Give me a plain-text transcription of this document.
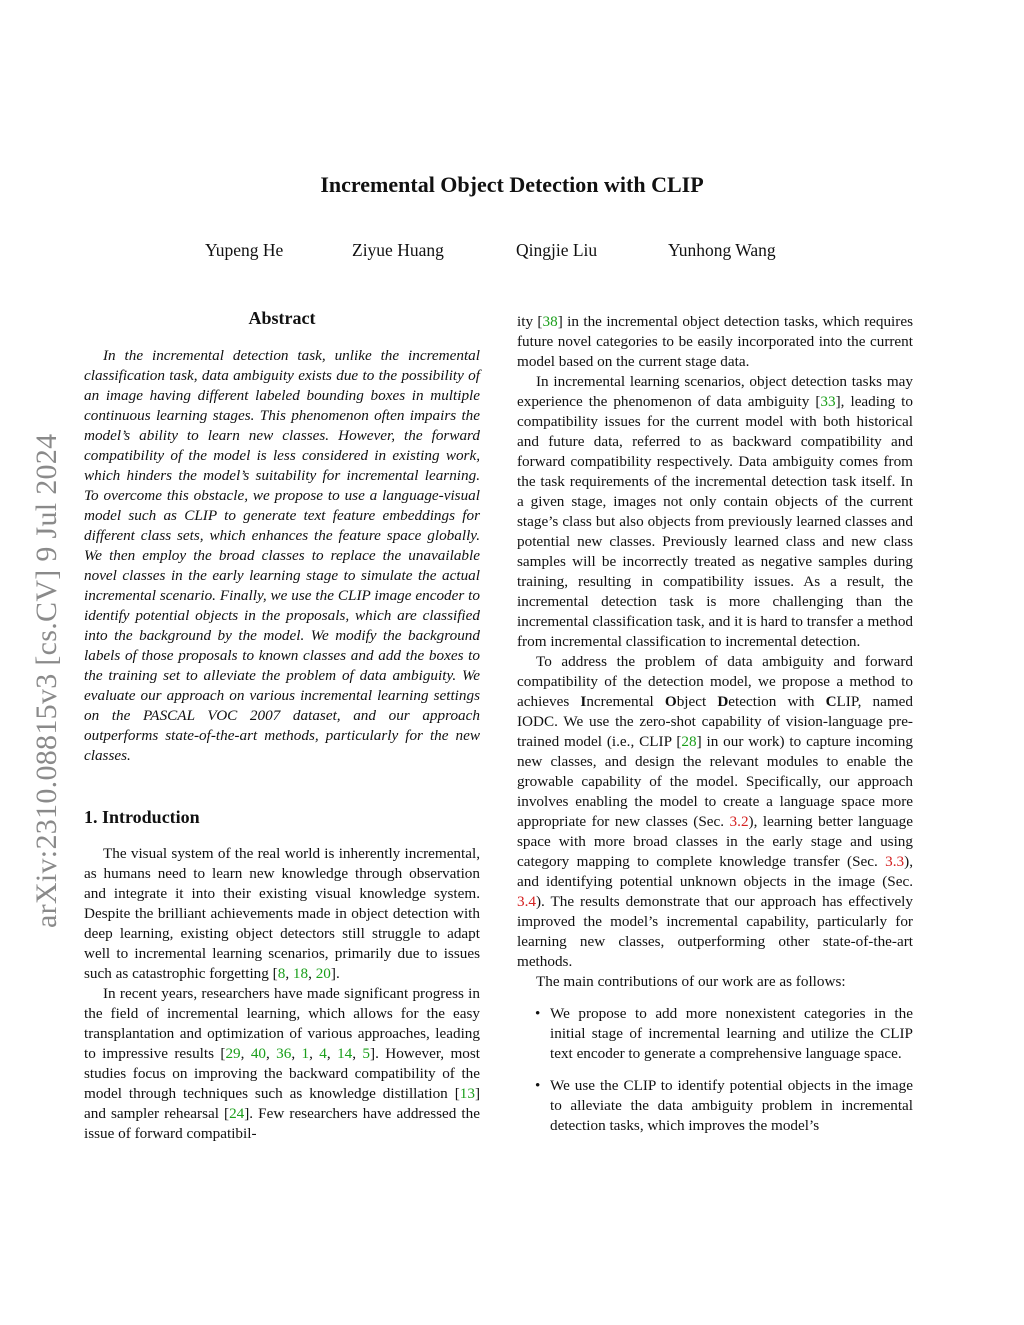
arXiv:2310.08815v3 [cs.CV] 9 Jul 2024
Incremental Object Detection with CLIP
Yupeng He	Ziyue Huang	Qingjie Liu	Yunhong Wang
Abstract

In the incremental detection task, unlike the incremental classification task, data ambiguity exists due to the possibility of an image having different labeled bounding boxes in multiple continuous learning stages. This phenomenon often impairs the model’s ability to learn new classes. However, the forward compatibility of the model is less considered in existing work, which hinders the model’s suitability for incremental learning. To overcome this obstacle, we propose to use a language-visual model such as CLIP to generate text feature embeddings for different class sets, which enhances the feature space globally. We then employ the broad classes to replace the unavailable novel classes in the early learning stage to simulate the actual incremental scenario. Finally, we use the CLIP image encoder to identify potential objects in the proposals, which are classified into the background by the model. We modify the background labels of those proposals to known classes and add the boxes to the training set to alleviate the problem of data ambiguity. We evaluate our approach on various incremental learning settings on the PASCAL VOC 2007 dataset, and our approach outperforms state-of-the-art methods, particularly for the new classes.

1. Introduction

The visual system of the real world is inherently incremental, as humans need to learn new knowledge through observation and integrate it into their existing visual knowledge system. Despite the brilliant achievements made in object detection with deep learning, existing object detectors still struggle to adapt well to incremental learning scenarios, primarily due to issues such as catastrophic forgetting [8, 18, 20].

In recent years, researchers have made significant progress in the field of incremental learning, which allows for the easy transplantation and optimization of various approaches, leading to impressive results [29, 40, 36, 1, 4, 14, 5]. However, most studies focus on improving the backward compatibility of the model through techniques such as knowledge distillation [13] and sampler rehearsal [24]. Few researchers have addressed the issue of forward compatibil-

ity [38] in the incremental object detection tasks, which requires future novel categories to be easily incorporated into the current model based on the current stage data.

In incremental learning scenarios, object detection tasks may experience the phenomenon of data ambiguity [33], leading to compatibility issues for the current model with both historical and future data, referred to as backward compatibility and forward compatibility respectively. Data ambiguity comes from the task requirements of the incremental detection task itself. In a given stage, images not only contain objects of the current stage’s class but also objects from previously learned classes and potential new classes. Previously learned class and new class samples will be incorrectly treated as negative samples during training, resulting in compatibility issues. As a result, the incremental detection task is more challenging than the incremental classification task, and it is hard to transfer a method from incremental classification to incremental detection.

To address the problem of data ambiguity and forward compatibility of the detection model, we propose a method to achieves Incremental Object Detection with CLIP, named IODC. We use the zero-shot capability of vision-language pre-trained model (i.e., CLIP [28] in our work) to capture incoming new classes, and design the relevant modules to enable the growable capability of the model. Specifically, our approach involves enabling the model to create a language space more appropriate for new classes (Sec. 3.2), learning better language space with more broad classes in the early stage and using category mapping to complete knowledge transfer (Sec. 3.3), and identifying potential unknown objects in the image (Sec. 3.4). The results demonstrate that our approach has effectively improved the model’s incremental capability, particularly for learning new classes, outperforming other state-of-the-art methods.

The main contributions of our work are as follows:

• We propose to add more nonexistent categories in the initial stage of incremental learning and utilize the CLIP text encoder to generate a comprehensive language space.
• We use the CLIP to identify potential objects in the image to alleviate the data ambiguity problem in incremental detection tasks, which improves the model’s
